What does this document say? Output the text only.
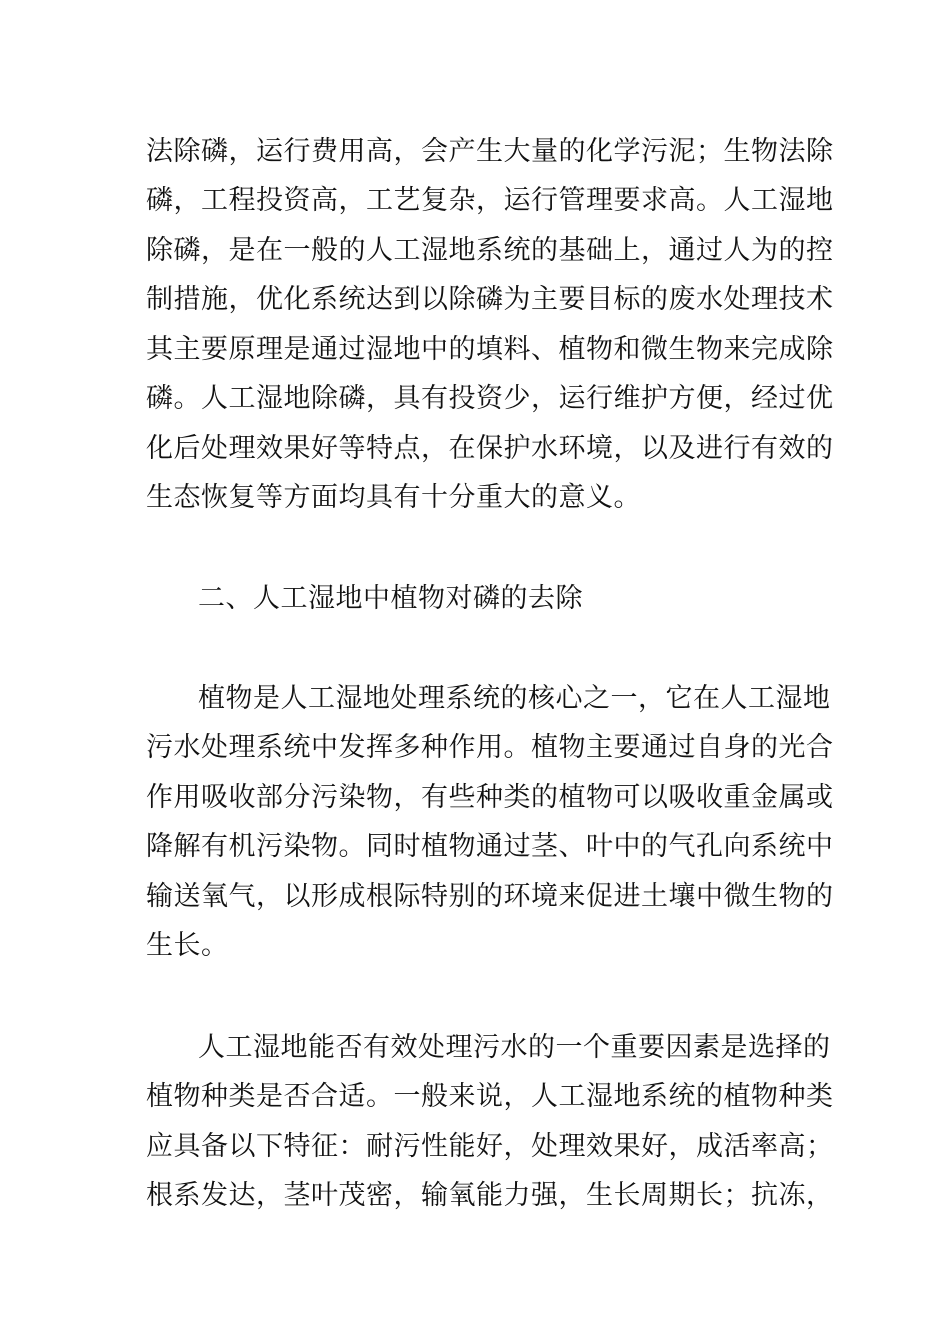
法除磷，运行费用高，会产生大量的化学污泥；生物法除
磷，工程投资高，工艺复杂，运行管理要求高。人工湿地
除磷，是在一般的人工湿地系统的基础上，通过人为的控
制措施，优化系统达到以除磷为主要目标的废水处理技术
其主要原理是通过湿地中的填料、植物和微生物来完成除
磷。人工湿地除磷，具有投资少，运行维护方便，经过优
化后处理效果好等特点，在保护水环境，以及进行有效的
生态恢复等方面均具有十分重大的意义。
二、人工湿地中植物对磷的去除
植物是人工湿地处理系统的核心之一，它在人工湿地
污水处理系统中发挥多种作用。植物主要通过自身的光合
作用吸收部分污染物，有些种类的植物可以吸收重金属或
降解有机污染物。同时植物通过茎、叶中的气孔向系统中
输送氧气，以形成根际特别的环境来促进土壤中微生物的
生长。
人工湿地能否有效处理污水的一个重要因素是选择的
植物种类是否合适。一般来说，人工湿地系统的植物种类
应具备以下特征：耐污性能好，处理效果好，成活率高；
根系发达，茎叶茂密，输氧能力强，生长周期长；抗冻，
